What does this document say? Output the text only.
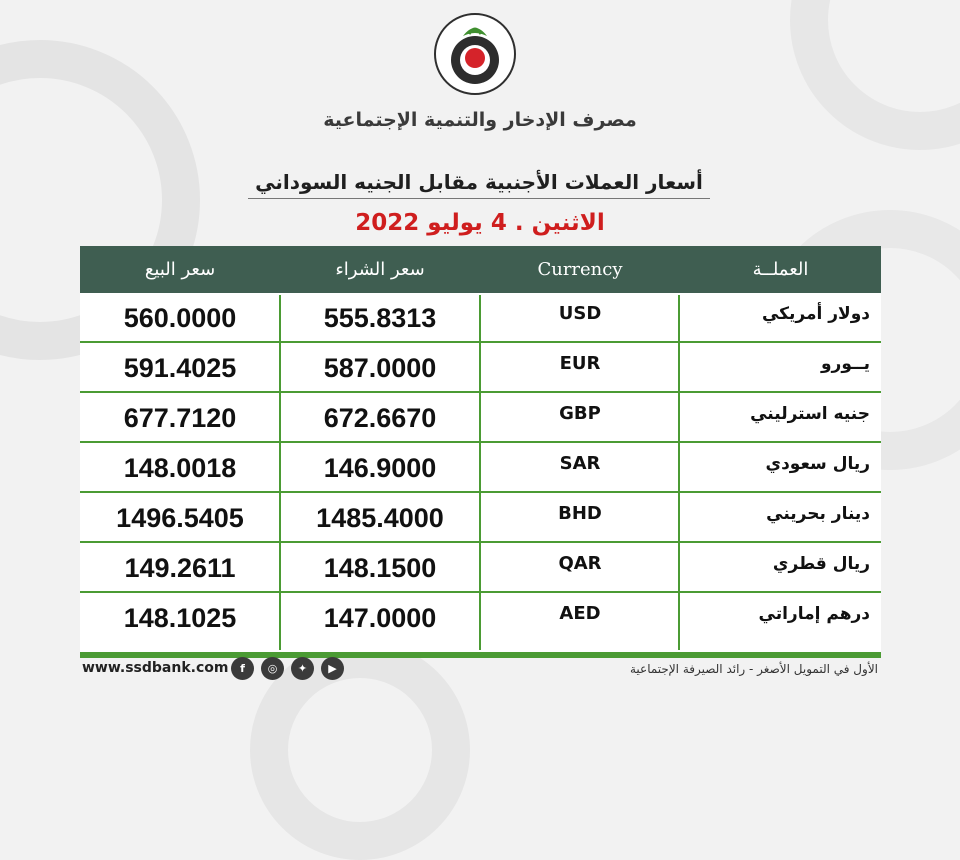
مصرف الإدخار والتنمية الإجتماعية
أسعار العملات الأجنبية مقابل الجنيه السوداني
الاثنين . 4 يوليو 2022
سعر البيع	سعر الشراء	Currency	العملــة
560.0000	555.8313	USD	دولار أمريكي
591.4025	587.0000	EUR	يــورو
677.7120	672.6670	GBP	جنيه استرليني
148.0018	146.9000	SAR	ريال سعودي
1496.5405	1485.4000	BHD	دينار بحريني
149.2611	148.1500	QAR	ريال قطري
148.1025	147.0000	AED	درهم إماراتي
www.ssdbank.com	f	◎	✦	▶	الأول في التمويل الأصغر - رائد الصيرفة الإجتماعية
